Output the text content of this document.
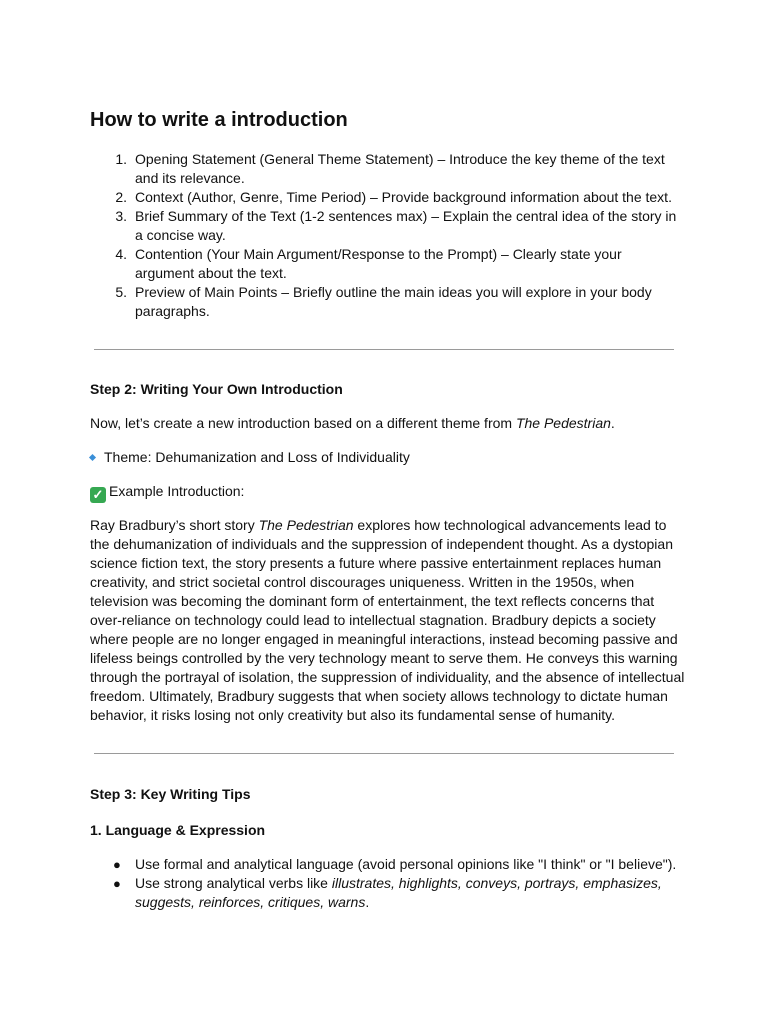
How to write a introduction
1. Opening Statement (General Theme Statement) – Introduce the key theme of the text
and its relevance.
2. Context (Author, Genre, Time Period) – Provide background information about the text.
3. Brief Summary of the Text (1-2 sentences max) – Explain the central idea of the story in
a concise way.
4. Contention (Your Main Argument/Response to the Prompt) – Clearly state your
argument about the text.
5. Preview of Main Points – Briefly outline the main ideas you will explore in your body
paragraphs.
Step 2: Writing Your Own Introduction
Now, let’s create a new introduction based on a different theme from The Pedestrian.
Theme: Dehumanization and Loss of Individuality
✓ Example Introduction:
Ray Bradbury’s short story The Pedestrian explores how technological advancements lead to
the dehumanization of individuals and the suppression of independent thought. As a dystopian
science fiction text, the story presents a future where passive entertainment replaces human
creativity, and strict societal control discourages uniqueness. Written in the 1950s, when
television was becoming the dominant form of entertainment, the text reflects concerns that
over-reliance on technology could lead to intellectual stagnation. Bradbury depicts a society
where people are no longer engaged in meaningful interactions, instead becoming passive and
lifeless beings controlled by the very technology meant to serve them. He conveys this warning
through the portrayal of isolation, the suppression of individuality, and the absence of intellectual
freedom. Ultimately, Bradbury suggests that when society allows technology to dictate human
behavior, it risks losing not only creativity but also its fundamental sense of humanity.
Step 3: Key Writing Tips
1. Language & Expression
● Use formal and analytical language (avoid personal opinions like "I think" or "I believe").
● Use strong analytical verbs like illustrates, highlights, conveys, portrays, emphasizes,
suggests, reinforces, critiques, warns.
